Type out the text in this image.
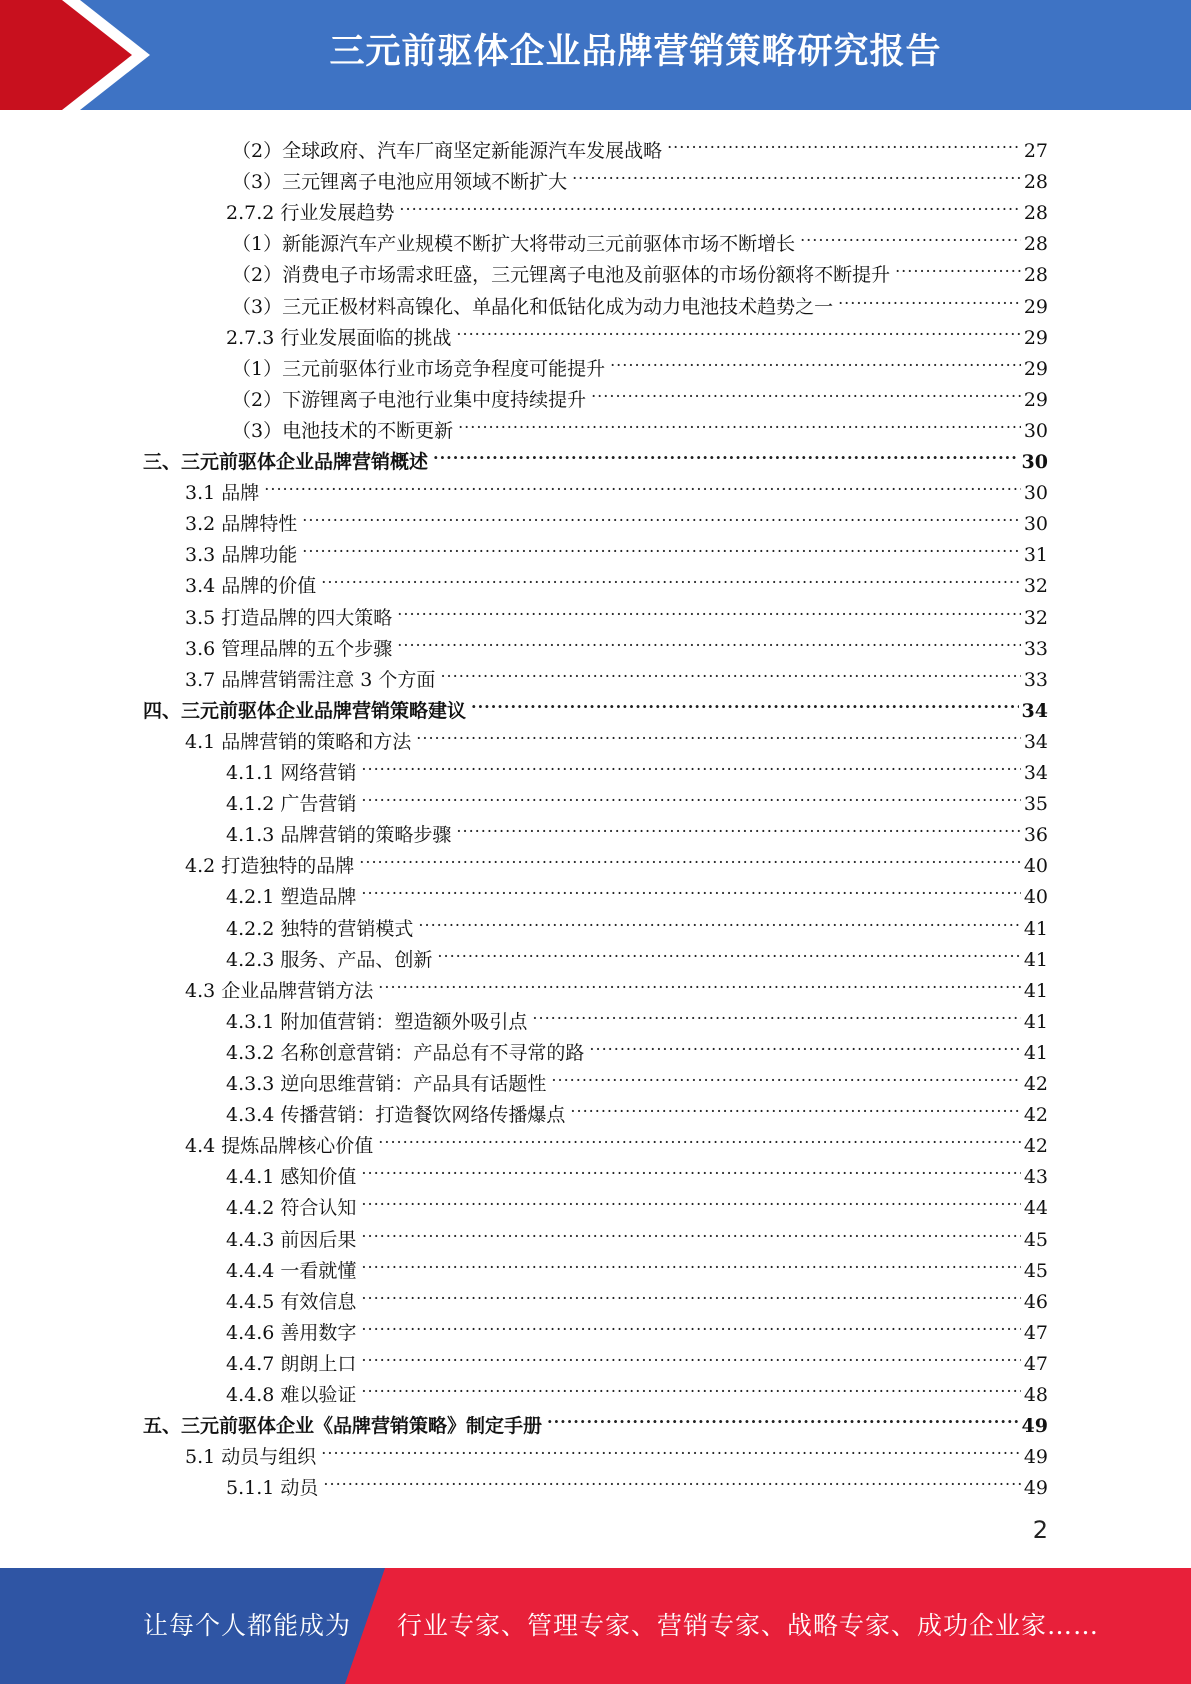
三元前驱体企业品牌营销策略研究报告
（2）全球政府、汽车厂商坚定新能源汽车发展战略 .....	27
（3）三元锂离子电池应用领域不断扩大 .....	28
2.7.2 行业发展趋势 .....	28
（1）新能源汽车产业规模不断扩大将带动三元前驱体市场不断增长 .....	28
（2）消费电子市场需求旺盛，三元锂离子电池及前驱体的市场份额将不断提升 .....	28
（3）三元正极材料高镍化、单晶化和低钴化成为动力电池技术趋势之一 .....	29
2.7.3 行业发展面临的挑战 .....	29
（1）三元前驱体行业市场竞争程度可能提升 .....	29
（2）下游锂离子电池行业集中度持续提升 .....	29
（3）电池技术的不断更新 .....	30
三、三元前驱体企业品牌营销概述 .....	30
3.1 品牌 .....	30
3.2 品牌特性 .....	30
3.3 品牌功能 .....	31
3.4 品牌的价值 .....	32
3.5 打造品牌的四大策略 .....	32
3.6 管理品牌的五个步骤 .....	33
3.7 品牌营销需注意 3 个方面 .....	33
四、三元前驱体企业品牌营销策略建议 .....	34
4.1 品牌营销的策略和方法 .....	34
4.1.1 网络营销 .....	34
4.1.2 广告营销 .....	35
4.1.3 品牌营销的策略步骤 .....	36
4.2 打造独特的品牌 .....	40
4.2.1 塑造品牌 .....	40
4.2.2 独特的营销模式 .....	41
4.2.3 服务、产品、创新 .....	41
4.3 企业品牌营销方法 .....	41
4.3.1 附加值营销：塑造额外吸引点 .....	41
4.3.2 名称创意营销：产品总有不寻常的路 .....	41
4.3.3 逆向思维营销：产品具有话题性 .....	42
4.3.4 传播营销：打造餐饮网络传播爆点 .....	42
4.4 提炼品牌核心价值 .....	42
4.4.1 感知价值 .....	43
4.4.2 符合认知 .....	44
4.4.3 前因后果 .....	45
4.4.4 一看就懂 .....	45
4.4.5 有效信息 .....	46
4.4.6 善用数字 .....	47
4.4.7 朗朗上口 .....	47
4.4.8 难以验证 .....	48
五、三元前驱体企业《品牌营销策略》制定手册 .....	49
5.1 动员与组织 .....	49
5.1.1 动员 .....	49
2
让每个人都能成为 行业专家、管理专家、营销专家、战略专家、成功企业家……
